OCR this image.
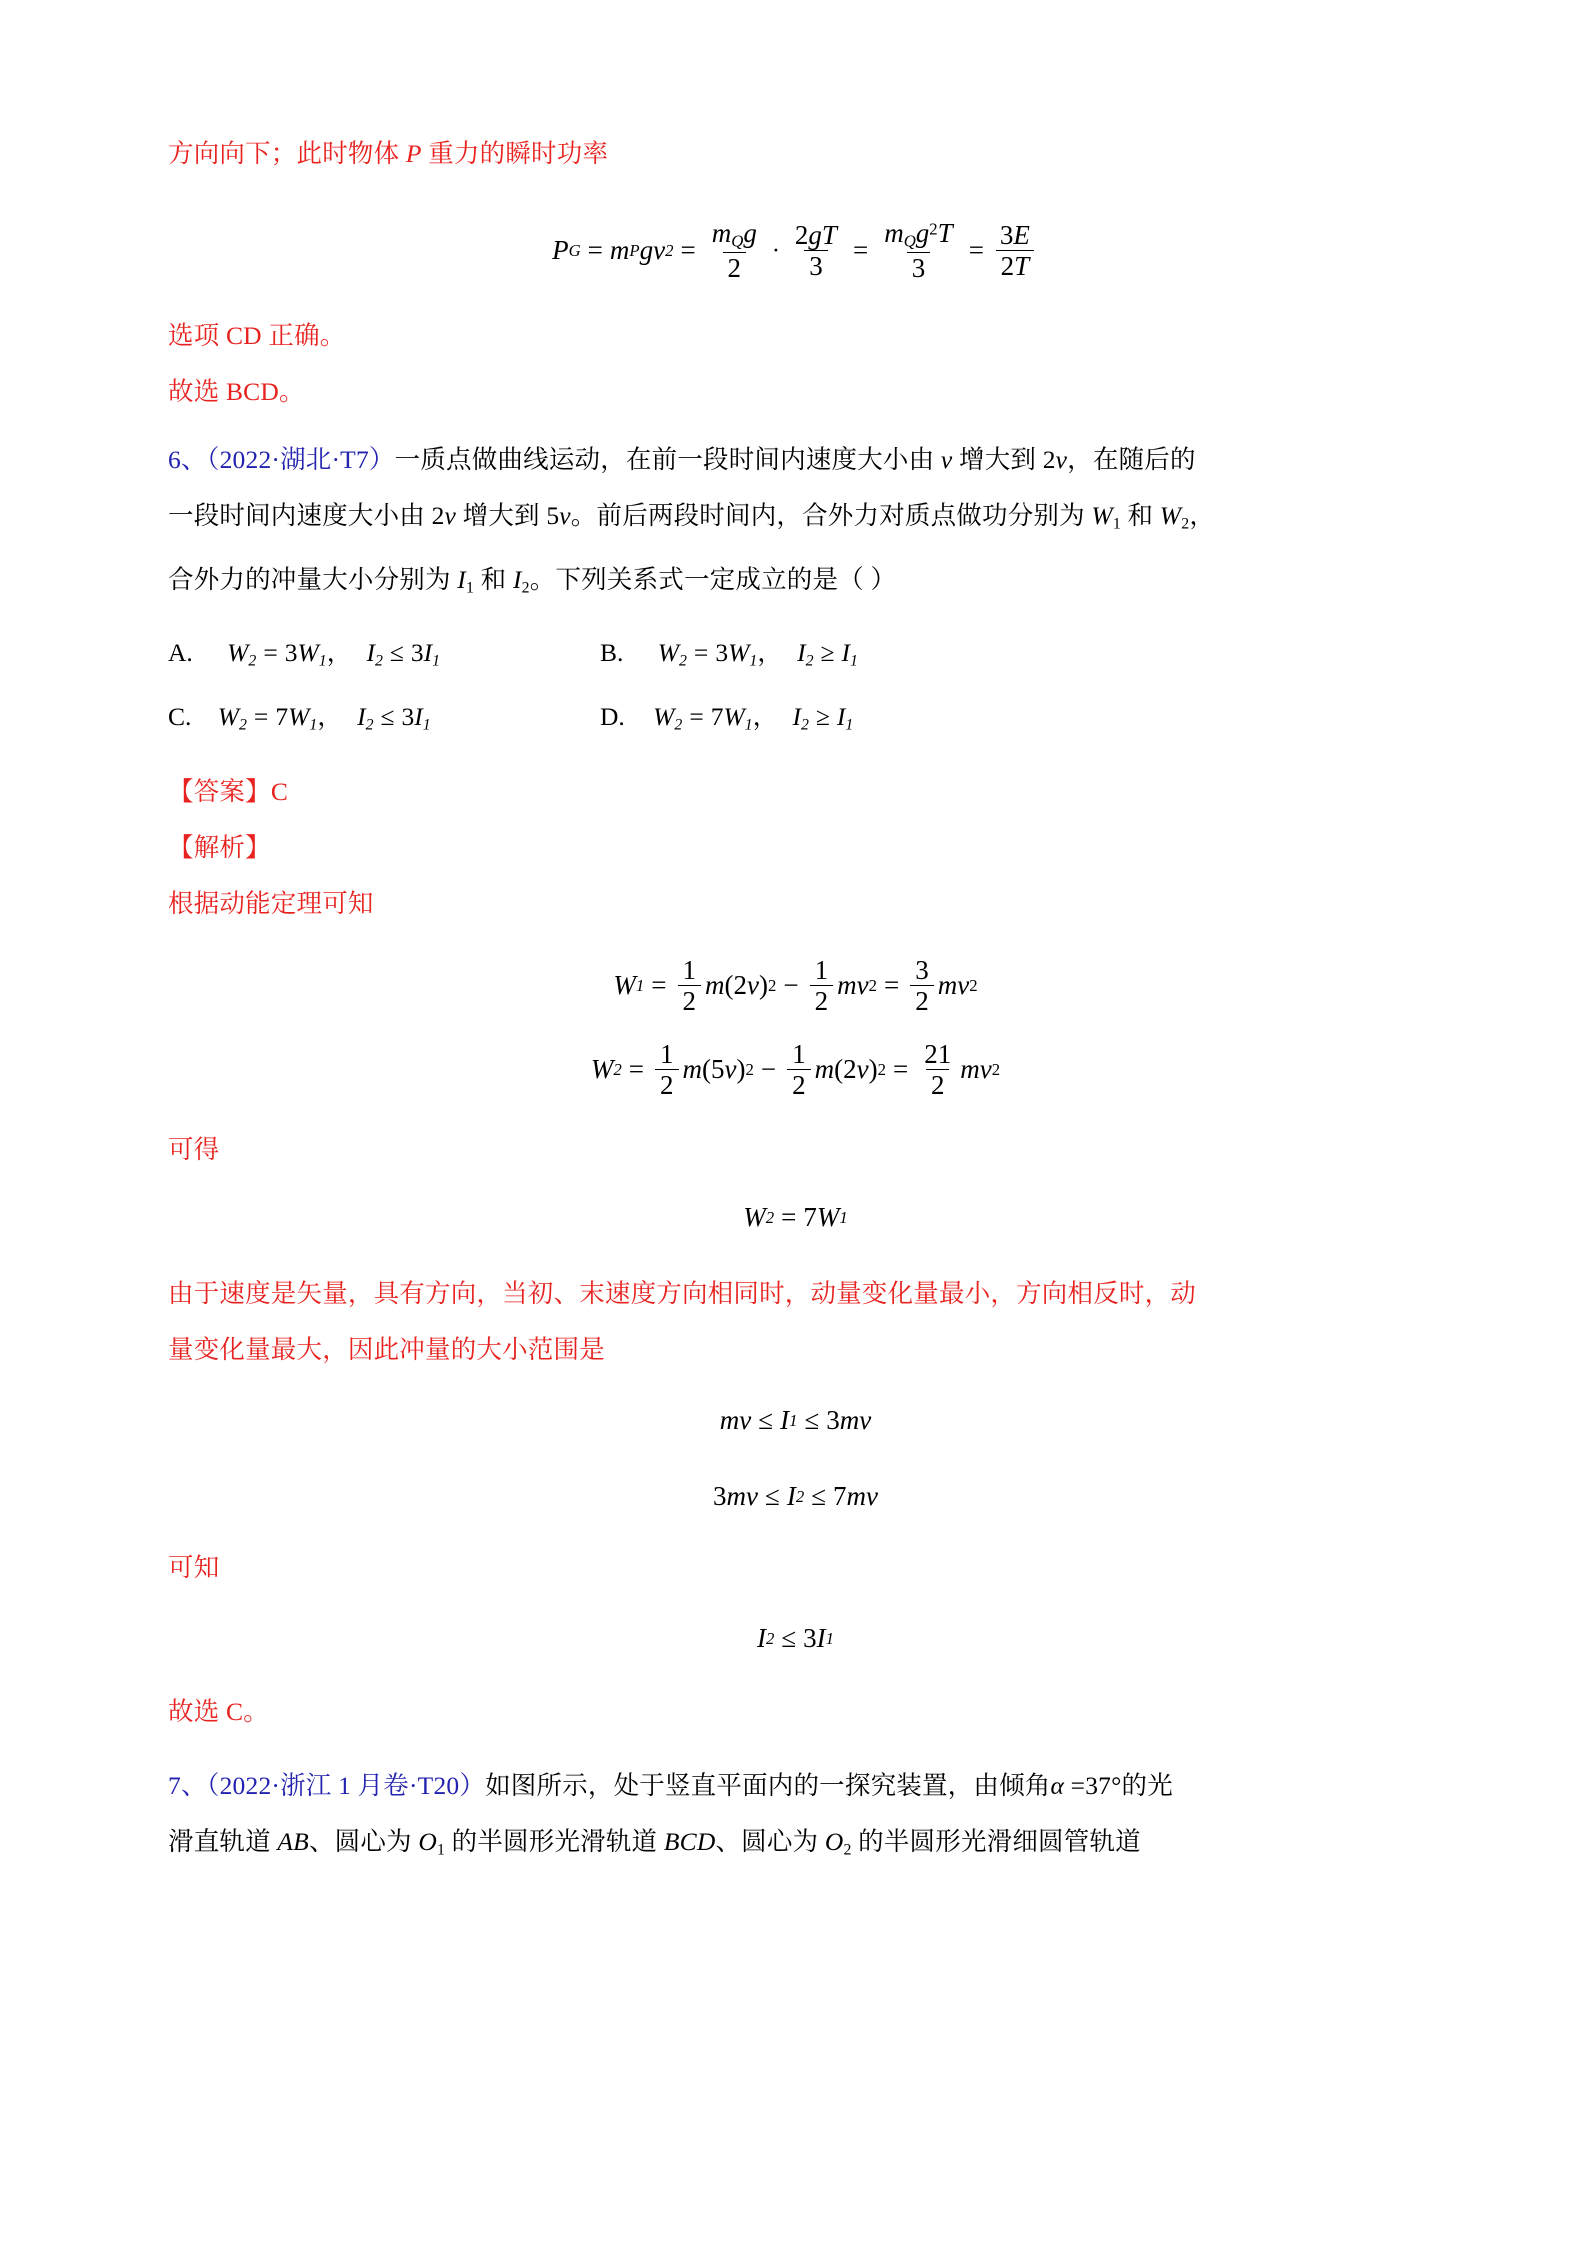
方向向下；此时物体 P 重力的瞬时功率
P G = m P g v $2 = \frac{m_Qg}{2} \cdot \frac{2gT}{3} = \frac{m_Qg^2T}{3} = \frac{3E}{2T}$
选项 CD 正确。
故选 BCD。
6、（2022·湖北·T7）一质点做曲线运动，在前一段时间内速度大小由 v 增大到 2v，在随后的
一段时间内速度大小由 2v 增大到 5v。前后两段时间内，合外力对质点做功分别为 $W_1$ 和 $W_2$，
合外力的冲量大小分别为 $I_1$ 和 $I_2$。下列关系式一定成立的是（ ）
A. $W_2 = 3W_1$， $I_2 \le 3I_1$	B. $W_2 = 3W_1$， $I_2 \ge I_1$
C. $W_2 = 7W_1$， $I_2 \le 3I_1$	D. $W_2 = 7W_1$， $I_2 \ge I_1$
【答案】C
【解析】
根据动能定理可知
W $1 = \frac{1}{2}$ m (2 v ) $2 - \frac{1}{2}$ mv $2 = \frac{3}{2}$ mv 2
W $2 = \frac{1}{2}$ m (5 v ) $2 - \frac{1}{2}$ m (2 v ) $2 = \frac{21}{2}$ mv 2
可得
W 2 = 7 W 1
由于速度是矢量，具有方向，当初、末速度方向相同时，动量变化量最小，方向相反时，动
量变化量最大，因此冲量的大小范围是
mv ≤ I 1 ≤ 3 mv
3 mv ≤ I 2 ≤ 7 mv
可知
I 2 ≤ 3 I 1
故选 C。
7、（2022·浙江 1 月卷·T20）如图所示，处于竖直平面内的一探究装置，由倾角α =37°的光
滑直轨道 AB、圆心为 $O_1$ 的半圆形光滑轨道 BCD、圆心为 $O_2$ 的半圆形光滑细圆管轨道
